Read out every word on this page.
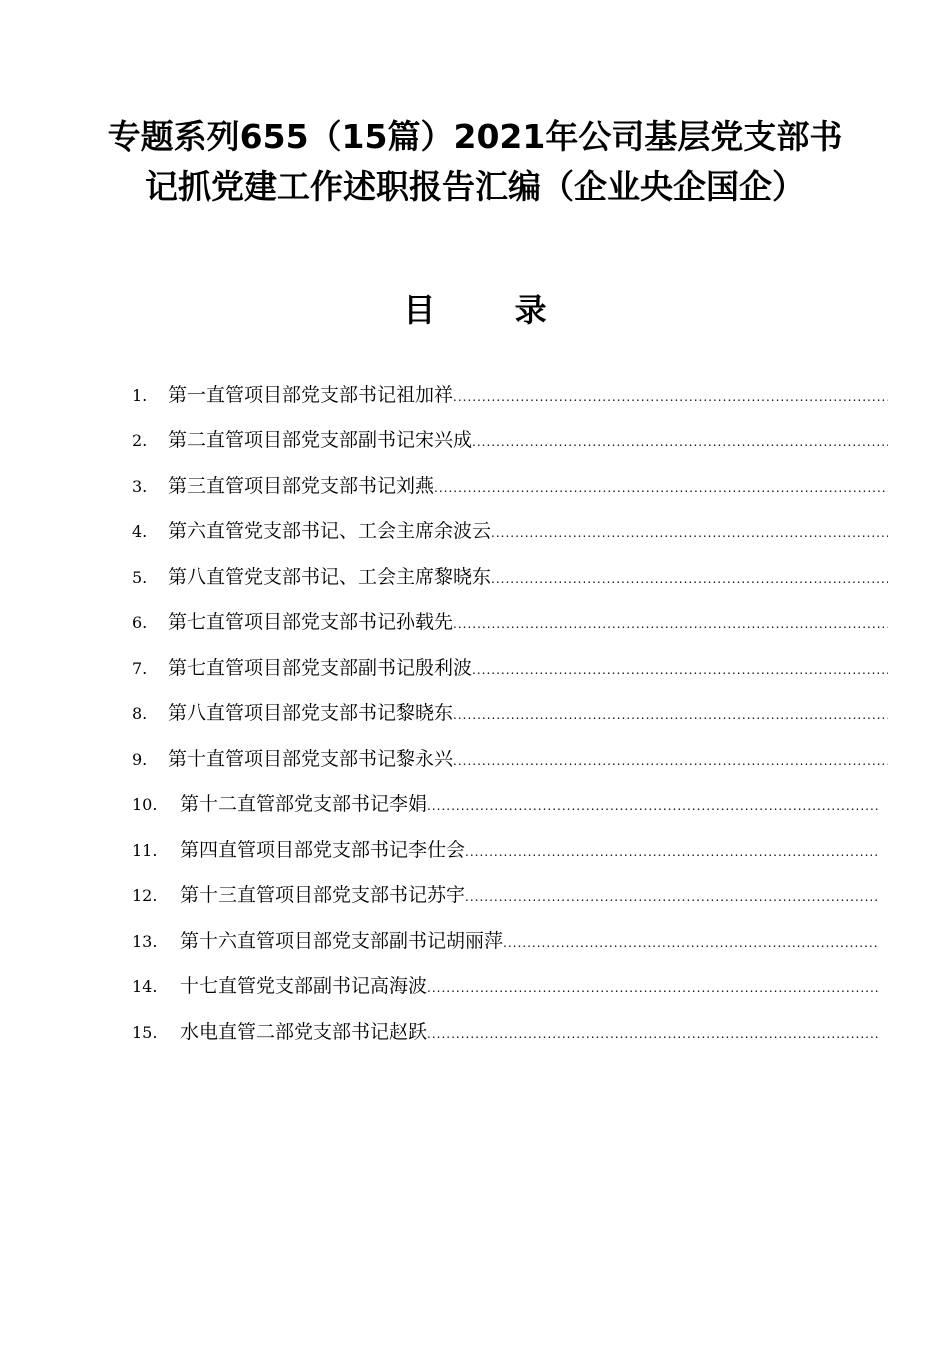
专题系列655（15篇）2021年公司基层党支部书记抓党建工作述职报告汇编（企业央企国企）
目 录
1.	第一直管项目部党支部书记祖加祥
.....
2.	第二直管项目部党支部副书记宋兴成
.....
3.	第三直管项目部党支部书记刘燕
.....
4.	第六直管党支部书记、工会主席余波云
.....
5.	第八直管党支部书记、工会主席黎晓东
.....
6.	第七直管项目部党支部书记孙载先
.....
7.	第七直管项目部党支部副书记殷利波
.....
8.	第八直管项目部党支部书记黎晓东
.....
9.	第十直管项目部党支部书记黎永兴
.....
10.	第十二直管部党支部书记李娟
.....
11.	第四直管项目部党支部书记李仕会
.....
12.	第十三直管项目部党支部书记苏宇
.....
13.	第十六直管项目部党支部副书记胡丽萍
.....
14.	十七直管党支部副书记高海波
.....
15.	水电直管二部党支部书记赵跃
.....
